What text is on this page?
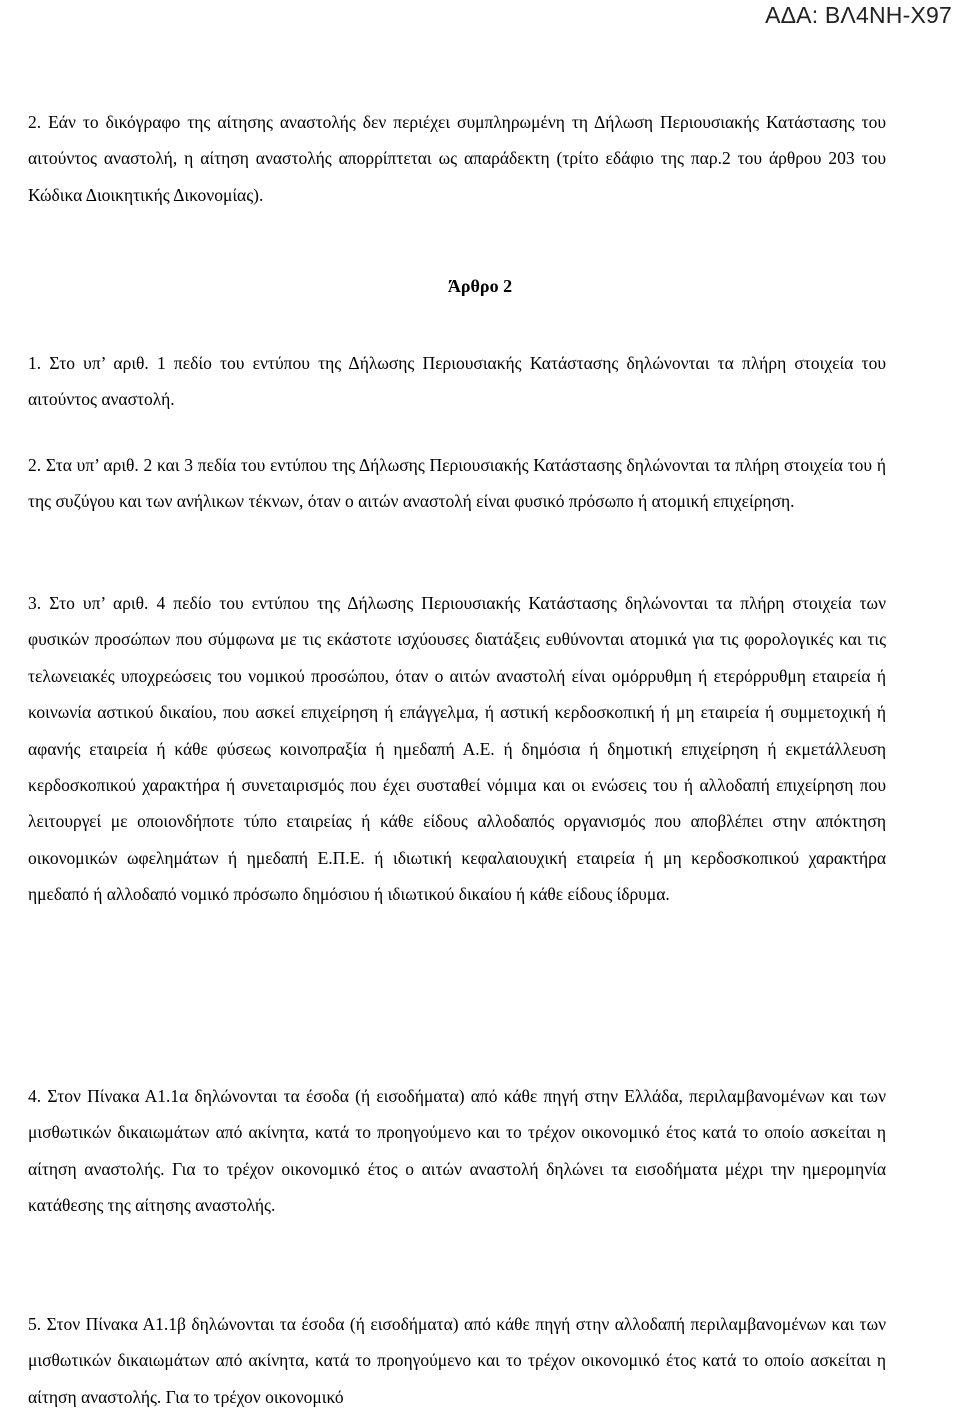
ΑΔΑ: ΒΛ4ΝΗ-Χ97

2. Εάν το δικόγραφο της αίτησης αναστολής δεν περιέχει συμπληρωμένη τη Δήλωση Περιουσιακής Κατάστασης του αιτούντος αναστολή, η αίτηση αναστολής απορρίπτεται ως απαράδεκτη (τρίτο εδάφιο της παρ.2 του άρθρου 203 του Κώδικα Διοικητικής Δικονομίας).

Άρθρο 2

1. Στο υπ’ αριθ. 1 πεδίο του εντύπου της Δήλωσης Περιουσιακής Κατάστασης δηλώνονται τα πλήρη στοιχεία του αιτούντος αναστολή.

2. Στα υπ’ αριθ. 2 και 3 πεδία του εντύπου της Δήλωσης Περιουσιακής Κατάστασης δηλώνονται τα πλήρη στοιχεία του ή της συζύγου και των ανήλικων τέκνων, όταν ο αιτών αναστολή είναι φυσικό πρόσωπο ή ατομική επιχείρηση.

3. Στο υπ’ αριθ. 4 πεδίο του εντύπου της Δήλωσης Περιουσιακής Κατάστασης δηλώνονται τα πλήρη στοιχεία των φυσικών προσώπων που σύμφωνα με τις εκάστοτε ισχύουσες διατάξεις ευθύνονται ατομικά για τις φορολογικές και τις τελωνειακές υποχρεώσεις του νομικού προσώπου, όταν ο αιτών αναστολή είναι ομόρρυθμη ή ετερόρρυθμη εταιρεία ή κοινωνία αστικού δικαίου, που ασκεί επιχείρηση ή επάγγελμα, ή αστική κερδοσκοπική ή μη εταιρεία ή συμμετοχική ή αφανής εταιρεία ή κάθε φύσεως κοινοπραξία ή ημεδαπή Α.Ε. ή δημόσια ή δημοτική επιχείρηση ή εκμετάλλευση κερδοσκοπικού χαρακτήρα ή συνεταιρισμός που έχει συσταθεί νόμιμα και οι ενώσεις του ή αλλοδαπή επιχείρηση που λειτουργεί με οποιονδήποτε τύπο εταιρείας ή κάθε είδους αλλοδαπός οργανισμός που αποβλέπει στην απόκτηση οικονομικών ωφελημάτων ή ημεδαπή Ε.Π.Ε. ή ιδιωτική κεφαλαιουχική εταιρεία ή μη κερδοσκοπικού χαρακτήρα ημεδαπό ή αλλοδαπό νομικό πρόσωπο δημόσιου ή ιδιωτικού δικαίου ή κάθε είδους ίδρυμα.

4. Στον Πίνακα Α1.1α δηλώνονται τα έσοδα (ή εισοδήματα) από κάθε πηγή στην Ελλάδα, περιλαμβανομένων και των μισθωτικών δικαιωμάτων από ακίνητα, κατά το προηγούμενο και το τρέχον οικονομικό έτος κατά το οποίο ασκείται η αίτηση αναστολής. Για το τρέχον οικονομικό έτος ο αιτών αναστολή δηλώνει τα εισοδήματα μέχρι την ημερομηνία κατάθεσης της αίτησης αναστολής.

5. Στον Πίνακα Α1.1β δηλώνονται τα έσοδα (ή εισοδήματα) από κάθε πηγή στην αλλοδαπή περιλαμβανομένων και των μισθωτικών δικαιωμάτων από ακίνητα, κατά το προηγούμενο και το τρέχον οικονομικό έτος κατά το οποίο ασκείται η αίτηση αναστολής. Για το τρέχον οικονομικό
